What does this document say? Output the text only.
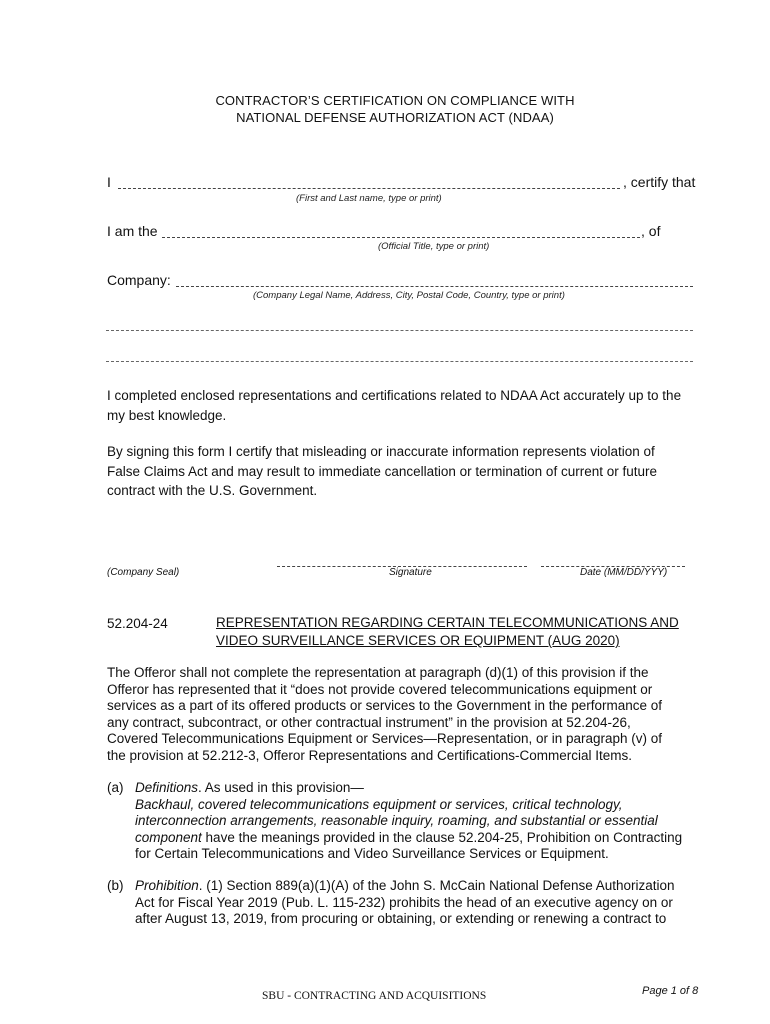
CONTRACTOR’S CERTIFICATION ON COMPLIANCE WITH
NATIONAL DEFENSE AUTHORIZATION ACT (NDAA)
I	, certify that
(First and Last name, type or print)
I am the	, of
(Official Title, type or print)
Company:
(Company Legal Name, Address, City, Postal Code, Country, type or print)
I completed enclosed representations and certifications related to NDAA Act accurately up to the
my best knowledge.
By signing this form I certify that misleading or inaccurate information represents violation of
False Claims Act and may result to immediate cancellation or termination of current or future
contract with the U.S. Government.
(Company Seal)	Signature	Date (MM/DD/YYY)
52.204-24	REPRESENTATION REGARDING CERTAIN TELECOMMUNICATIONS AND
VIDEO SURVEILLANCE SERVICES OR EQUIPMENT (AUG 2020)
The Offeror shall not complete the representation at paragraph (d)(1) of this provision if the
Offeror has represented that it “does not provide covered telecommunications equipment or
services as a part of its offered products or services to the Government in the performance of
any contract, subcontract, or other contractual instrument” in the provision at 52.204-26,
Covered Telecommunications Equipment or Services—Representation, or in paragraph (v) of
the provision at 52.212-3, Offeror Representations and Certifications-Commercial Items.
(a) Definitions. As used in this provision—
Backhaul, covered telecommunications equipment or services, critical technology,
interconnection arrangements, reasonable inquiry, roaming, and substantial or essential
component have the meanings provided in the clause 52.204-25, Prohibition on Contracting
for Certain Telecommunications and Video Surveillance Services or Equipment.
(b) Prohibition. (1) Section 889(a)(1)(A) of the John S. McCain National Defense Authorization
Act for Fiscal Year 2019 (Pub. L. 115-232) prohibits the head of an executive agency on or
after August 13, 2019, from procuring or obtaining, or extending or renewing a contract to
SBU - CONTRACTING AND ACQUISITIONS	Page 1 of 8
